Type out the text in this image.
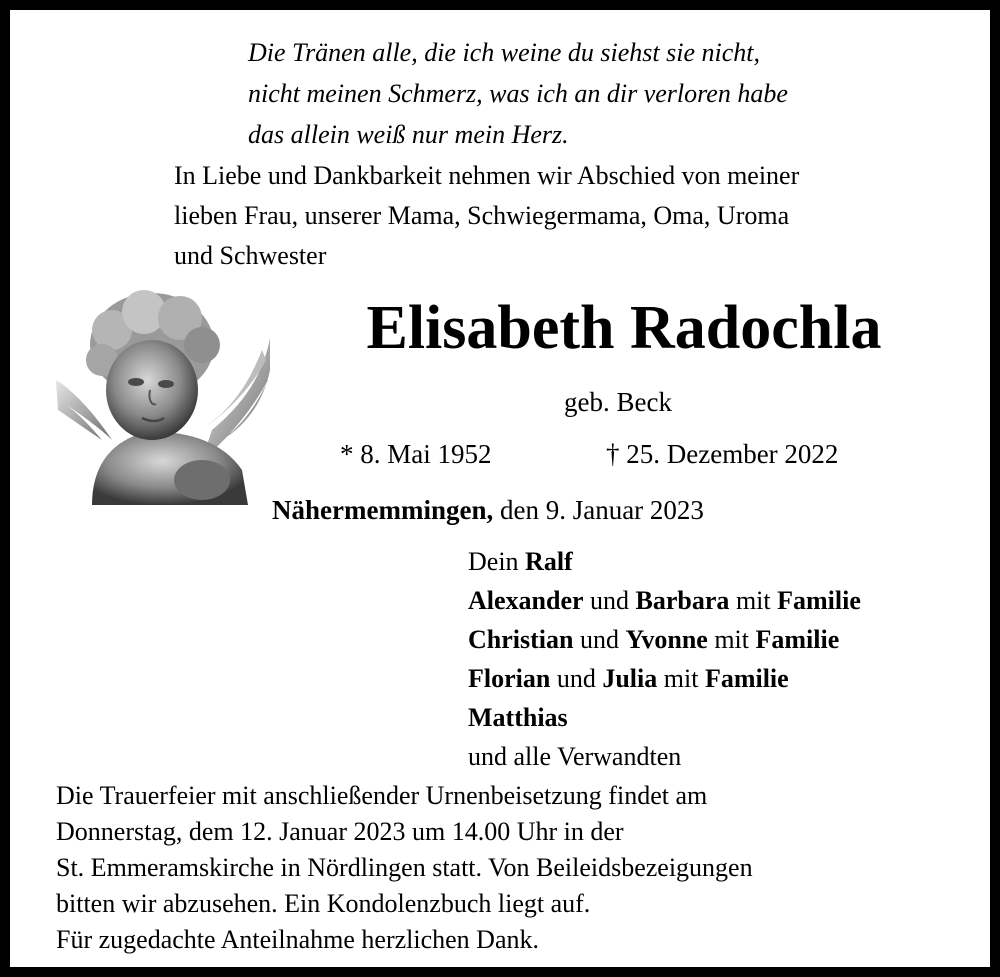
Die Tränen alle, die ich weine du siehst sie nicht,
nicht meinen Schmerz, was ich an dir verloren habe
das allein weiß nur mein Herz.
In Liebe und Dankbarkeit nehmen wir Abschied von meiner
lieben Frau, unserer Mama, Schwiegermama, Oma, Uroma
und Schwester
Elisabeth Radochla
geb. Beck
* 8. Mai 1952	† 25. Dezember 2022
Nähermemmingen, den 9. Januar 2023
Dein Ralf
Alexander und Barbara mit Familie
Christian und Yvonne mit Familie
Florian und Julia mit Familie
Matthias
und alle Verwandten
Die Trauerfeier mit anschließender Urnenbeisetzung findet am
Donnerstag, dem 12. Januar 2023 um 14.00 Uhr in der
St. Emmeramskirche in Nördlingen statt. Von Beileidsbezeigungen
bitten wir abzusehen. Ein Kondolenzbuch liegt auf.
Für zugedachte Anteilnahme herzlichen Dank.
